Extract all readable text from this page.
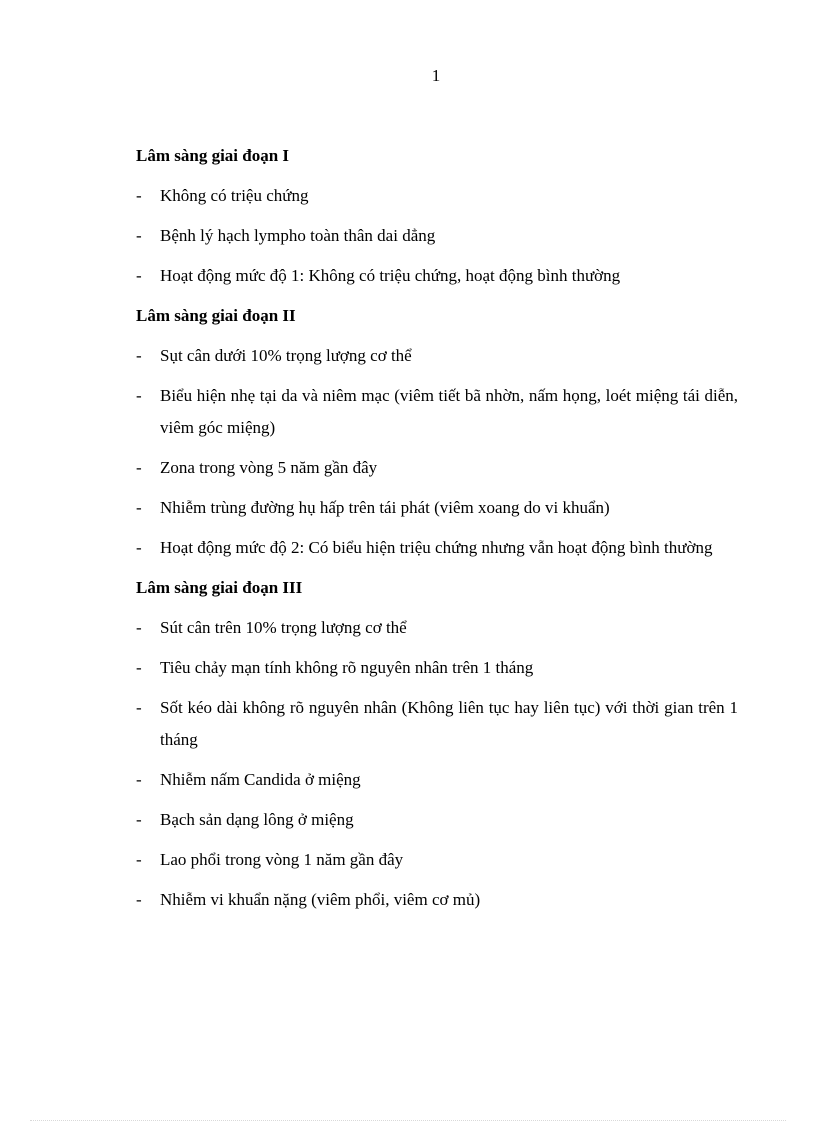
1
Lâm sàng giai đoạn I
- Không có triệu chứng
- Bệnh lý hạch lympho toàn thân dai dẳng
- Hoạt động mức độ 1: Không có triệu chứng, hoạt động bình thường
Lâm sàng giai đoạn II
- Sụt cân dưới 10% trọng lượng cơ thể
- Biểu hiện nhẹ tại da và niêm mạc (viêm tiết bã nhờn, nấm họng, loét miệng tái diễn, viêm góc miệng)
- Zona trong vòng 5 năm gần đây
- Nhiễm trùng đường hụ hấp trên tái phát (viêm xoang do vi khuẩn)
- Hoạt động mức độ 2: Có biểu hiện triệu chứng nhưng vẫn hoạt động bình thường
Lâm sàng giai đoạn III
- Sút cân trên 10% trọng lượng cơ thể
- Tiêu chảy mạn tính không rõ nguyên nhân trên 1 tháng
- Sốt kéo dài không rõ nguyên nhân (Không liên tục hay liên tục) với thời gian trên 1 tháng
- Nhiễm nấm Candida ở miệng
- Bạch sản dạng lông ở miệng
- Lao phổi trong vòng 1 năm gần đây
- Nhiễm vi khuẩn nặng (viêm phổi, viêm cơ mủ)
